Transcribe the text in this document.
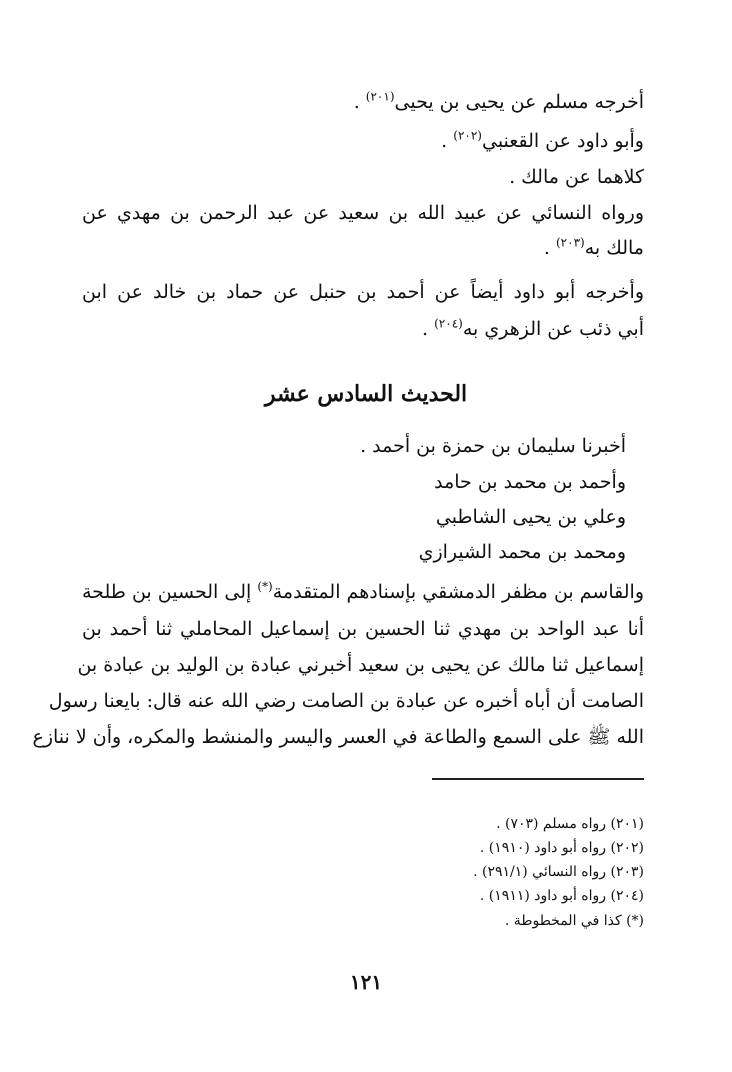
أخرجه مسلم عن يحيى بن يحيى$^{(٢٠١)}$ .
وأبو داود عن القعنبي$^{(٢٠٢)}$ .
كلاهما عن مالك .
ورواه النسائي عن عبيد الله بن سعيد عن عبد الرحمن بن مهدي عن
مالك به$^{(٢٠٣)}$ .
وأخرجه أبو داود أيضاً عن أحمد بن حنبل عن حماد بن خالد عن ابن
أبي ذئب عن الزهري به$^{(٢٠٤)}$ .
الحديث السادس عشر
أخبرنا سليمان بن حمزة بن أحمد .
وأحمد بن محمد بن حامد
وعلي بن يحيى الشاطبي
ومحمد بن محمد الشيرازي
والقاسم بن مظفر الدمشقي بإسنادهم المتقدمة(*) إلى الحسين بن طلحة
أنا عبد الواحد بن مهدي ثنا الحسين بن إسماعيل المحاملي ثنا أحمد بن
إسماعيل ثنا مالك عن يحيى بن سعيد أخبرني عبادة بن الوليد بن عبادة بن
الصامت أن أباه أخبره عن عبادة بن الصامت رضي الله عنه قال: بايعنا رسول
الله ﷺ على السمع والطاعة في العسر واليسر والمنشط والمكره، وأن لا ننازع
(٢٠١) رواه مسلم (٧٠٣) .
(٢٠٢) رواه أبو داود (١٩١٠) .
(٢٠٣) رواه النسائي (٢٩١/١) .
(٢٠٤) رواه أبو داود (١٩١١) .
(*) كذا في المخطوطة .
١٢١
